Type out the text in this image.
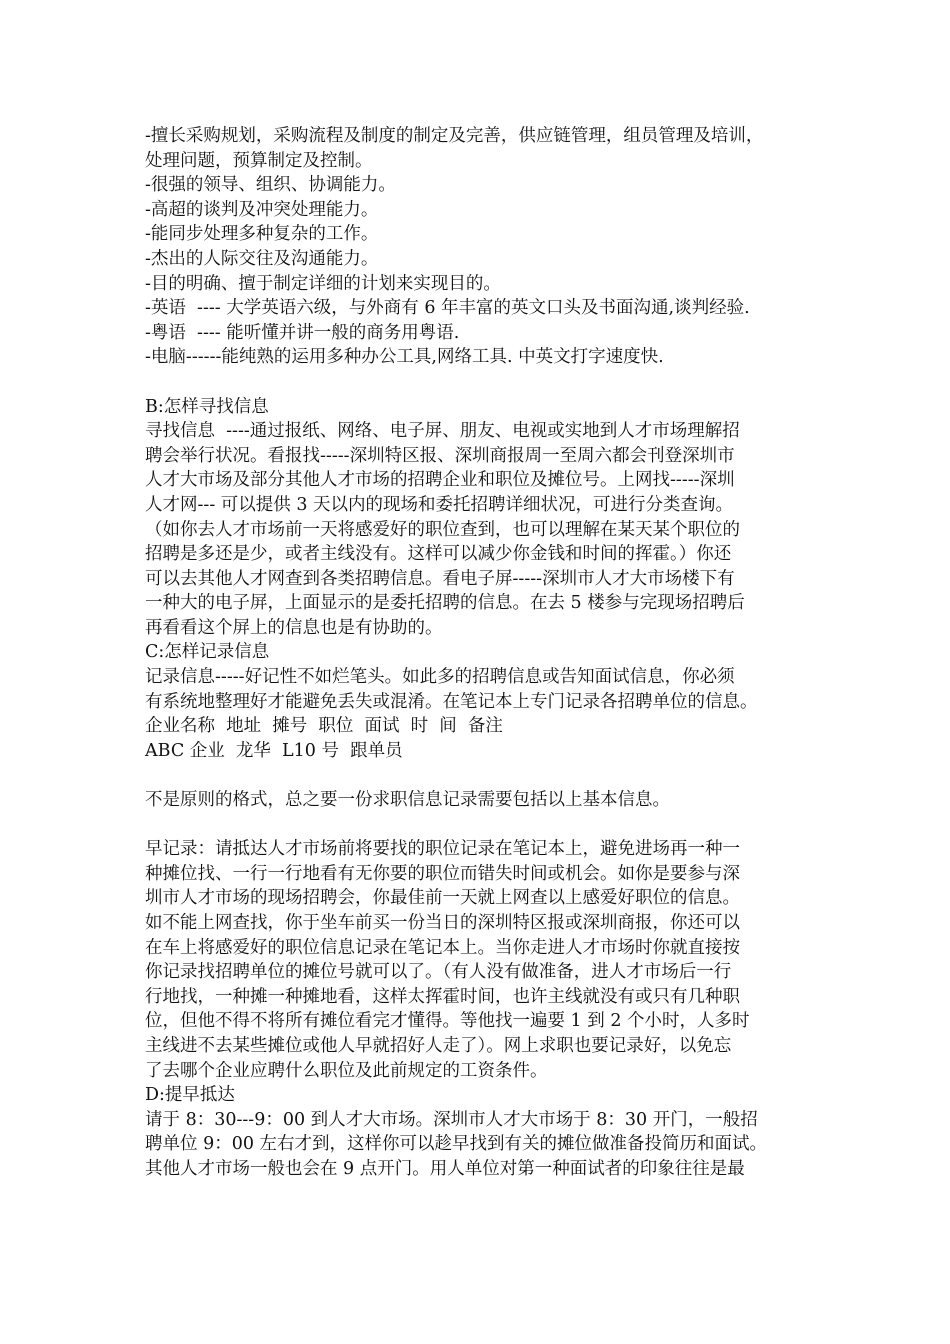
-擅长采购规划，采购流程及制度的制定及完善，供应链管理，组员管理及培训，
处理问题，预算制定及控制。
-很强的领导、组织、协调能力。
-高超的谈判及冲突处理能力。
-能同步处理多种复杂的工作。
-杰出的人际交往及沟通能力。
-目的明确、擅于制定详细的计划来实现目的。
-英语  ---- 大学英语六级，与外商有 6 年丰富的英文口头及书面沟通,谈判经验.
-粤语  ---- 能听懂并讲一般的商务用粤语.
-电脑------能纯熟的运用多种办公工具,网络工具. 中英文打字速度快.
B:怎样寻找信息
寻找信息  ----通过报纸、网络、电子屏、朋友、电视或实地到人才市场理解招
聘会举行状况。看报找-----深圳特区报、深圳商报周一至周六都会刊登深圳市
人才大市场及部分其他人才市场的招聘企业和职位及摊位号。上网找-----深圳
人才网--- 可以提供 3 天以内的现场和委托招聘详细状况，可进行分类查询。
（如你去人才市场前一天将感爱好的职位查到，也可以理解在某天某个职位的
招聘是多还是少，或者主线没有。这样可以减少你金钱和时间的挥霍。）你还
可以去其他人才网查到各类招聘信息。看电子屏-----深圳市人才大市场楼下有
一种大的电子屏，上面显示的是委托招聘的信息。在去 5 楼参与完现场招聘后
再看看这个屏上的信息也是有协助的。
C:怎样记录信息
记录信息-----好记性不如烂笔头。如此多的招聘信息或告知面试信息，你必须
有系统地整理好才能避免丢失或混淆。在笔记本上专门记录各招聘单位的信息。
企业名称  地址  摊号  职位  面试  时  间  备注
ABC 企业  龙华  L10 号  跟单员
不是原则的格式，总之要一份求职信息记录需要包括以上基本信息。
早记录：请抵达人才市场前将要找的职位记录在笔记本上，避免进场再一种一
种摊位找、一行一行地看有无你要的职位而错失时间或机会。如你是要参与深
圳市人才市场的现场招聘会，你最佳前一天就上网查以上感爱好职位的信息。
如不能上网查找，你于坐车前买一份当日的深圳特区报或深圳商报，你还可以
在车上将感爱好的职位信息记录在笔记本上。当你走进人才市场时你就直接按
你记录找招聘单位的摊位号就可以了。（有人没有做准备，进人才市场后一行
行地找，一种摊一种摊地看，这样太挥霍时间，也许主线就没有或只有几种职
位，但他不得不将所有摊位看完才懂得。等他找一遍要 1 到 2 个小时，人多时
主线进不去某些摊位或他人早就招好人走了）。网上求职也要记录好，以免忘
了去哪个企业应聘什么职位及此前规定的工资条件。
D:提早抵达
请于 8：30---9：00 到人才大市场。深圳市人才大市场于 8：30 开门，一般招
聘单位 9：00 左右才到，这样你可以趁早找到有关的摊位做准备投简历和面试。
其他人才市场一般也会在 9 点开门。用人单位对第一种面试者的印象往往是最
